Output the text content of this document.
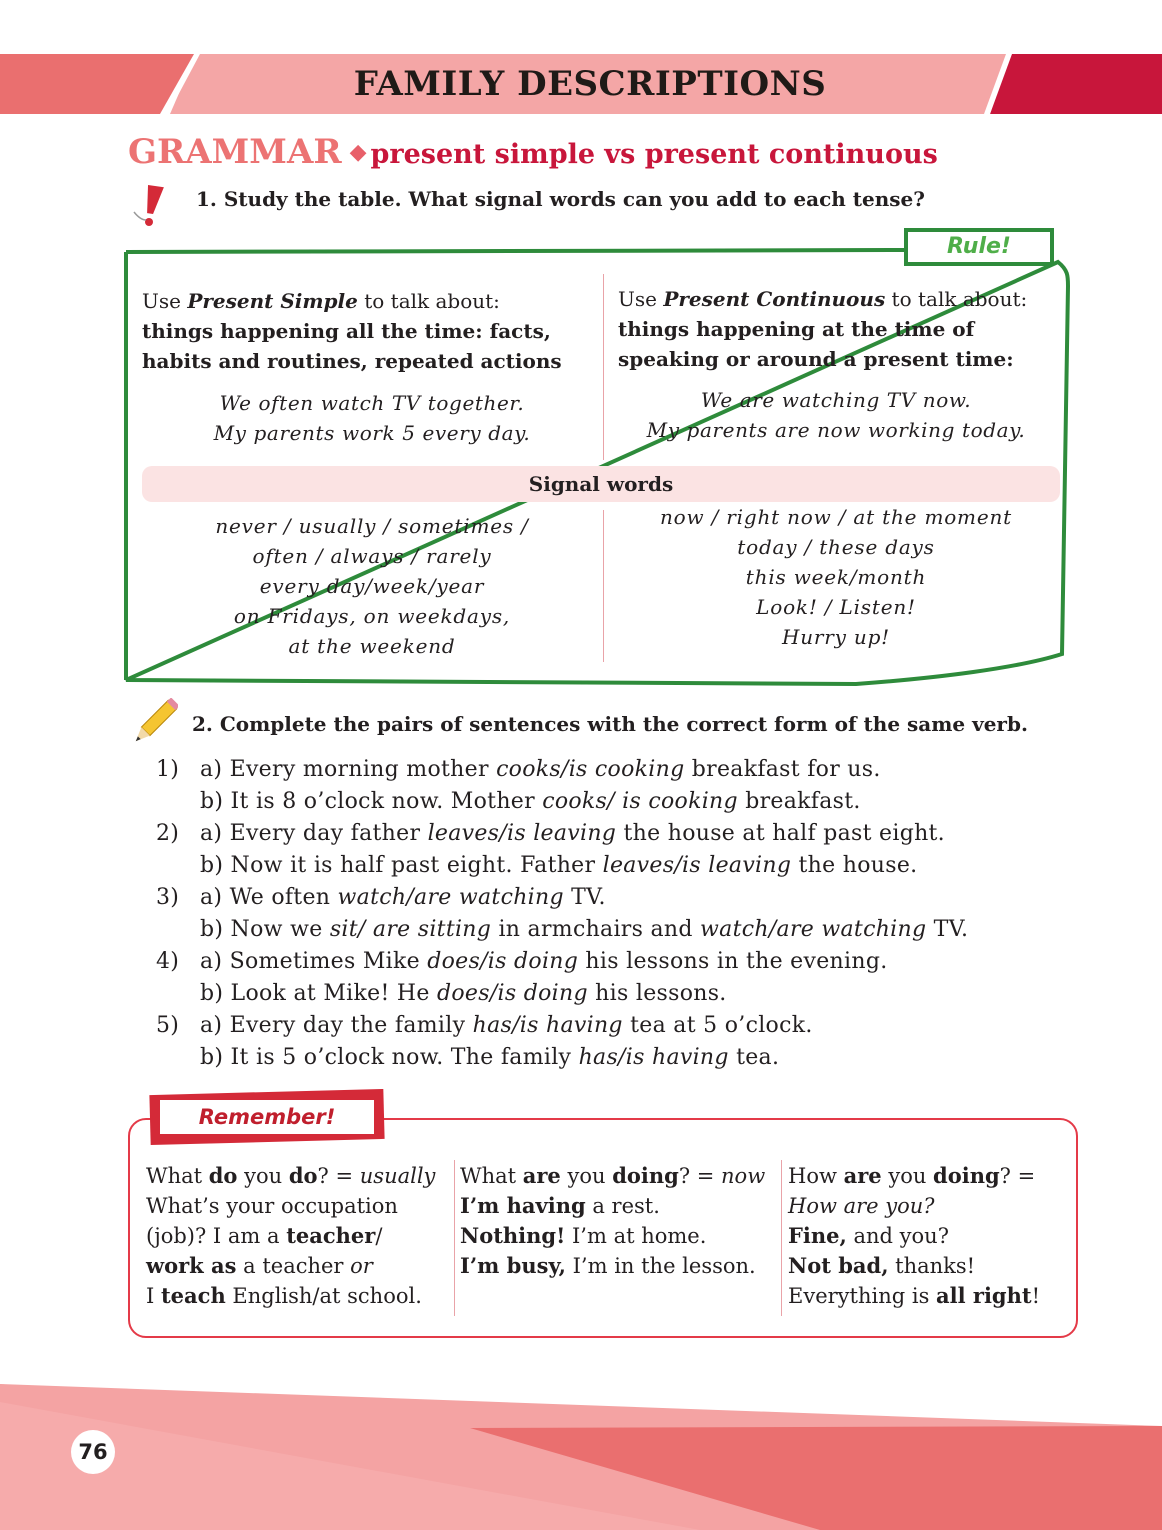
FAMILY DESCRIPTIONS
GRAMMAR ◆ present simple vs present continuous
1. Study the table. What signal words can you add to each tense?
Rule!
Use Present Simple to talk about:
things happening all the time: facts, habits and routines, repeated actions
We often watch TV together.
My parents work 5 every day.
Use Present Continuous to talk about:
things happening at the time of speaking or around a present time:
We are watching TV now.
My parents are now working today.
Signal words
never / usually / sometimes /
often / always / rarely
every day/week/year
on Fridays, on weekdays,
at the weekend
now / right now / at the moment
today / these days
this week/month
Look! / Listen!
Hurry up!
2. Complete the pairs of sentences with the correct form of the same verb.
1) a) Every morning mother cooks/is cooking breakfast for us.
b) It is 8 o’clock now. Mother cooks/ is cooking breakfast.
2) a) Every day father leaves/is leaving the house at half past eight.
b) Now it is half past eight. Father leaves/is leaving the house.
3) a) We often watch/are watching TV.
b) Now we sit/ are sitting in armchairs and watch/are watching TV.
4) a) Sometimes Mike does/is doing his lessons in the evening.
b) Look at Mike! He does/is doing his lessons.
5) a) Every day the family has/is having tea at 5 o’clock.
b) It is 5 o’clock now. The family has/is having tea.
Remember!
What do you do? = usually
What’s your occupation
(job)? I am a teacher/
work as a teacher or
I teach English/at school.
What are you doing? = now
I’m having a rest.
Nothing! I’m at home.
I’m busy, I’m in the lesson.
How are you doing? =
How are you?
Fine, and you?
Not bad, thanks!
Everything is all right!
76
